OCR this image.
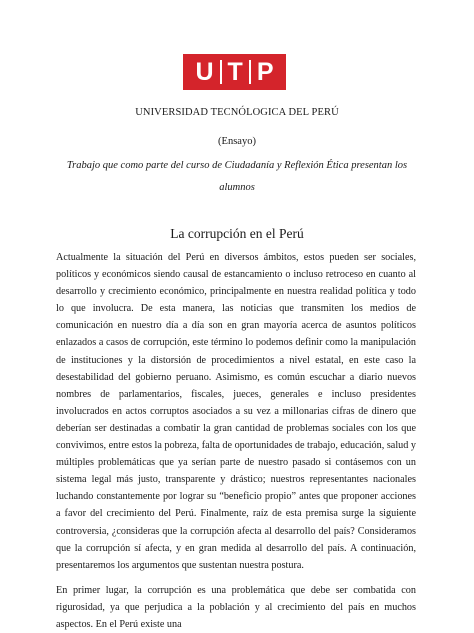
U T P
UNIVERSIDAD TECNÓLOGICA DEL PERÚ
(Ensayo)
Trabajo que como parte del curso de Ciudadanía y Reflexión Ética presentan los
alumnos
La corrupción en el Perú

Actualmente la situación del Perú en diversos ámbitos, estos pueden ser sociales, políticos y económicos siendo causal de estancamiento o incluso retroceso en cuanto al desarrollo y crecimiento económico, principalmente en nuestra realidad política y todo lo que involucra. De esta manera, las noticias que transmiten los medios de comunicación en nuestro día a día son en gran mayoría acerca de asuntos políticos enlazados a casos de corrupción, este término lo podemos definir como la manipulación de instituciones y la distorsión de procedimientos a nivel estatal, en este caso la desestabilidad del gobierno peruano. Asimismo, es común escuchar a diario nuevos nombres de parlamentarios, fiscales, jueces, generales e incluso presidentes involucrados en actos corruptos asociados a su vez a millonarias cifras de dinero que deberían ser destinadas a combatir la gran cantidad de problemas sociales con los que convivimos, entre estos la pobreza, falta de oportunidades de trabajo, educación, salud y múltiples problemáticas que ya serían parte de nuestro pasado si contásemos con un sistema legal más justo, transparente y drástico; nuestros representantes nacionales luchando constantemente por lograr su “beneficio propio” antes que proponer acciones a favor del crecimiento del Perú. Finalmente, raíz de esta premisa surge la siguiente controversia, ¿consideras que la corrupción afecta al desarrollo del país? Consideramos que la corrupción sí afecta, y en gran medida al desarrollo del país. A continuación, presentaremos los argumentos que sustentan nuestra postura.

En primer lugar, la corrupción es una problemática que debe ser combatida con rigurosidad, ya que perjudica a la población y al crecimiento del país en muchos aspectos. En el Perú existe una
